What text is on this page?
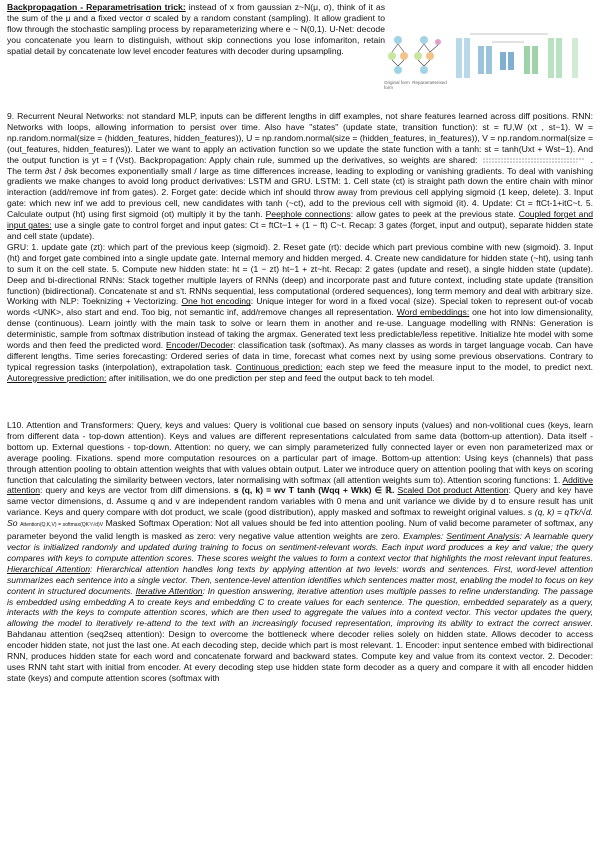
Backpropagation - Reparametrisation trick: instead of x from gaussian z~N(μ, σ), think of it as the sum of the μ and a fixed vector σ scaled by a random constant (sampling). It allow gradient to flow through the stochastic sampling process by reparameterizing where e ~ N(0,1). U-Net: decode you concatenate you learn to distinguish, without skip connections you lose infomariton, retain spatial detail by concatenate low level encoder features with decoder during upsampling.

Original form Reparameterised form

9. Recurrent Neural Networks: not standard MLP, inputs can be different lengths in diff examples, not share features learned across diff positions. RNN: Networks with loops, allowing information to persist over time. Also have "states" (update state, transition function): st = fU,W (xt , st−1). W = np.random.normal(size = (hidden_features, hidden_features)), U = np.random.normal(size = (hidden_features, in_features)), V = np.random.normal(size = (out_features, hidden_features)). Later we want to apply an activation function so we update the state function with a tanh: st = tanh(Uxt + Wst−1). And the output function is yt = f (Vst). Backpropagation: Apply chain rule, summed up the derivatives, so weights are shared:	. The term ∂st / ∂sk becomes exponentially small / large as time differences increase, leading to exploding or vanishing gradients. To deal with vanishing gradients we make changes to avoid long product derivatives: LSTM and GRU. LSTM: 1. Cell state (ct) is straight path down the entire chain with minor interaction (add/remove inf from gates). 2. Forget gate: decide which inf should throw away from previous cell applying sigmoid (1 keep, delete). 3. Input gate: which new inf we add to previous cell, new candidates with tanh (~ct), add to the previous cell with sigmoid (it). 4. Update: Ct = ftCt-1+itC~t. 5. Calculate output (ht) using first sigmoid (ot) multiply it by the tanh. Peephole connections: allow gates to peek at the previous state. Coupled forget and input gates: use a single gate to control forget and input gates: Ct = ftCt−1 + (1 − ft) C~t. Recap: 3 gates (forget, input and output), separate hidden state and cell state (update).

GRU: 1. update gate (zt): which part of the previous keep (sigmoid). 2. Reset gate (rt): decide which part previous combine with new (sigmoid). 3. Input (ht) and forget gate combined into a single update gate. Internal memory and hidden merged. 4. Create new candidature for hidden state (~ht), using tanh to sum it on the cell state. 5. Compute new hidden state: ht = (1 − zt) ht−1 + zt~ht. Recap: 2 gates (update and reset), a single hidden state (update). Deep and bi-directional RNNs: Stack together multiple layers of RNNs (deep) and incorporate past and future context, including state update (transition function) (bidirectional). Concatenate st and s't. RNNs sequential, less computational (ordered sequences), long term memory and deal with arbitrary size. Working with NLP: Toeknizing + Vectorizing. One hot encoding: Unique integer for word in a fixed vocal (size). Special token to represent out-of vocab words <UNK>, also start and end. Too big, not semantic inf, add/remove changes all representation. Word embeddings: one hot into low dimensionality, dense (continuous). Learn jointly with the main task to solve or learn them in another and re-use. Language modelling with RNNs: Generation is deterministic, sample from softmax distribution instead of taking the argmax. Generated text less predictable/less repetitive. Initialize hte model with some words and then feed the predicted word. Encoder/Decoder: classification task (softmax). As many classes as words in target language vocab. Can have different lengths. Time series forecasting: Ordered series of data in time, forecast what comes next by using some previous observations. Contrary to typical regression tasks (interpolation), extrapolation task. Continuous prediction: each step we feed the measure input to the model, to predict next. Autoregressive prediction: after initilisation, we do one prediction per step and feed the output back to teh model.

L10. Attention and Transformers: Query, keys and values: Query is volitional cue based on sensory inputs (values) and non-volitional cues (keys, learn from different data - top-down attention). Keys and values are different representations calculated from same data (bottom-up attention). Data itself - bottom up. External questions - top-down. Attention: no query, we can simply parameterized fully connected layer or even non parameterized max or average pooling. Fixations. spend more computation resources on a particular part of image. Bottom-up attention: Using keys (channels) that pass through attention pooling to obtain attention weights that with values obtain output. Later we introduce query on attention pooling that with keys on scoring function that calculating the similarity between vectors, later normalising with softmax (all attention weights sum to). Attention scoring functions: 1. Additive attention: query and keys are vector from diff dimensions. s (q, k) = wv T tanh (Wqq + Wkk) ∈ ℝ. Scaled Dot product Attention: Query and key have same vector dimensions, d. Assume q and v are independent random variables with 0 mena and unit variance we divide by d to ensure result has unit variance. Keys and query compare with dot product, we scale (good distribution), apply masked and softmax to reweight original values. s (q, k) = qTk/√d. So Attention(Q,K,V) = softmax(QKᵀ/√d)V Masked Softmax Operation: Not all values should be fed into attention pooling. Num of valid become parameter of softmax, any parameter beyond the valid length is masked as zero: very negative value attention weights are zero. Examples: Sentiment Analysis: A learnable query vector is initialized randomly and updated during training to focus on sentiment-relevant words. Each input word produces a key and value; the query compares with keys to compute attention scores. These scores weight the values to form a context vector that highlights the most relevant input features. Hierarchical Attention: Hierarchical attention handles long texts by applying attention at two levels: words and sentences. First, word-level attention summarizes each sentence into a single vector. Then, sentence-level attention identifies which sentences matter most, enabling the model to focus on key content in structured documents. Iterative Attention: In question answering, iterative attention uses multiple passes to refine understanding. The passage is embedded using embedding A to create keys and embedding C to create values for each sentence. The question, embedded separately as a query, interacts with the keys to compute attention scores, which are then used to aggregate the values into a context vector. This vector updates the query, allowing the model to iteratively re-attend to the text with an increasingly focused representation, improving its ability to extract the correct answer. Bahdanau attention (seq2seq attention): Design to overcome the bottleneck where decoder relies solely on hidden state. Allows decoder to access encoder hidden state, not just the last one. At each decoding step, decide which part is most relevant. 1. Encoder: input sentence embed with bidirectional RNN, produces hidden state for each word and concatenate forward and backward states. Compute key and value from its context vector. 2. Decoder: uses RNN taht start with initial from encoder. At every decoding step use hidden state form decoder as a query and compare it with all encoder hidden state (keys) and compute attention scores (softmax with
